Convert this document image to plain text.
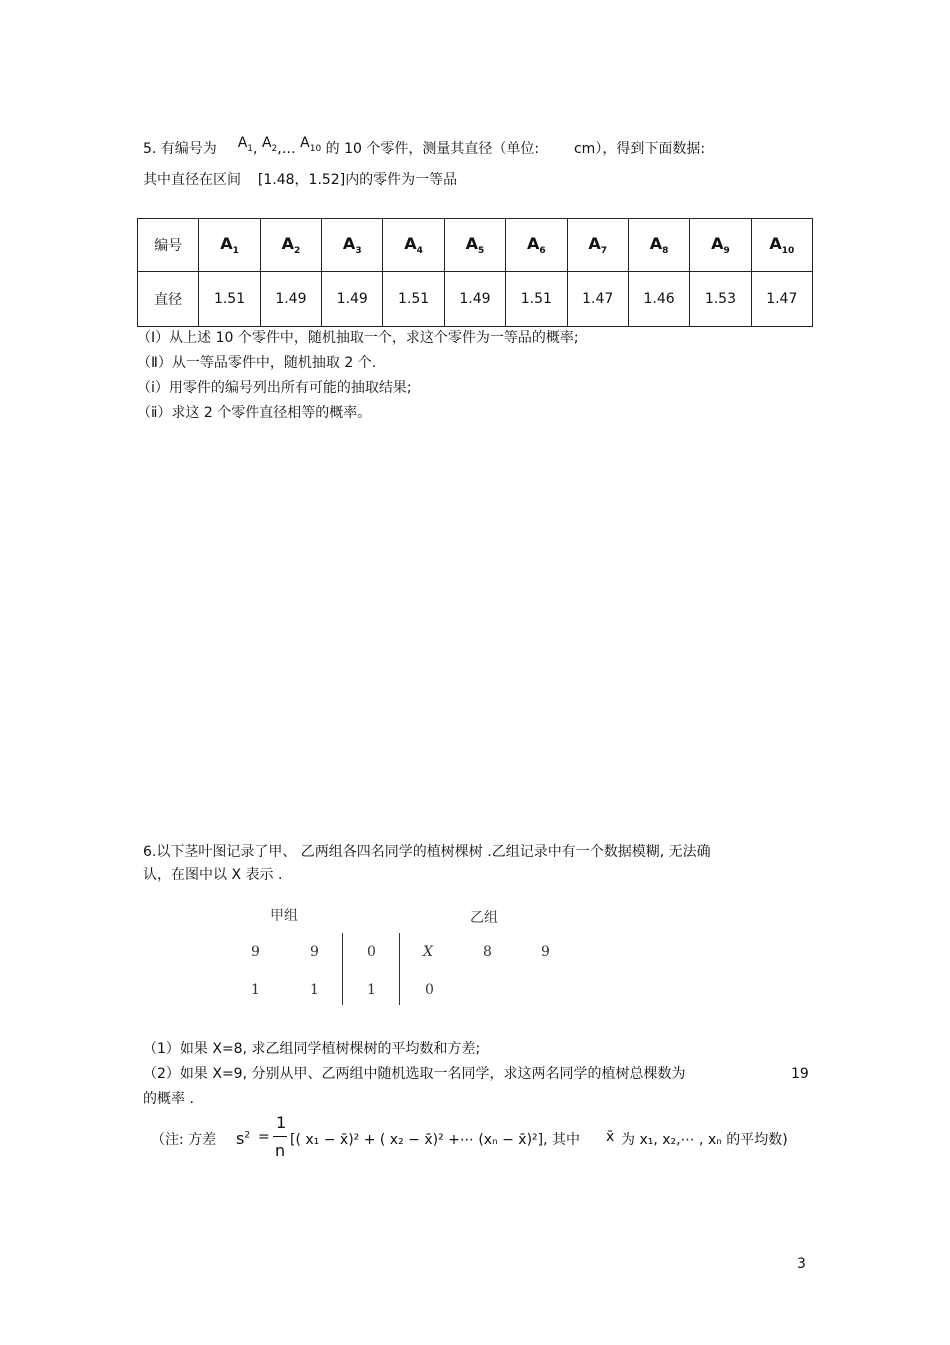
5. 有编号为 $A_1$, $A_2,\dots$ $A_{10}$ 的 10 个零件，测量其直径（单位: cm），得到下面数据:
其中直径在区间 [1.48，1.52]内的零件为一等品
编号	$A_1$	$A_2$	$A_3$	$A_4$	$A_5$	$A_6$	$A_7$	$A_8$	$A_9$	$A_{10}$
直径	1.51	1.49	1.49	1.51	1.49	1.51	1.47	1.46	1.53	1.47
（Ⅰ）从上述 10 个零件中，随机抽取一个，求这个零件为一等品的概率;
（Ⅱ）从一等品零件中，随机抽取 2 个.
（ⅰ）用零件的编号列出所有可能的抽取结果;
（ⅱ）求这 2 个零件直径相等的概率。
6.以下茎叶图记录了甲、 乙两组各四名同学的植树棵树 .乙组记录中有一个数据模糊, 无法确
认，在图中以 X 表示 .
甲组	乙组
9	9	0	X	8	9
1	1	1	0
（1）如果 X=8, 求乙组同学植树棵树的平均数和方差;
（2）如果 X=9, 分别从甲、乙两组中随机选取一名同学，求这两名同学的植树总棵数为	19
的概率 .
（注: 方差 $s^2$ =
1
n
[( x₁ − x̄)² + ( x₂ − x̄)² +⋯ (xₙ − x̄)²], 其中 x̄ 为 x₁, x₂,⋯ , xₙ 的平均数)
3
